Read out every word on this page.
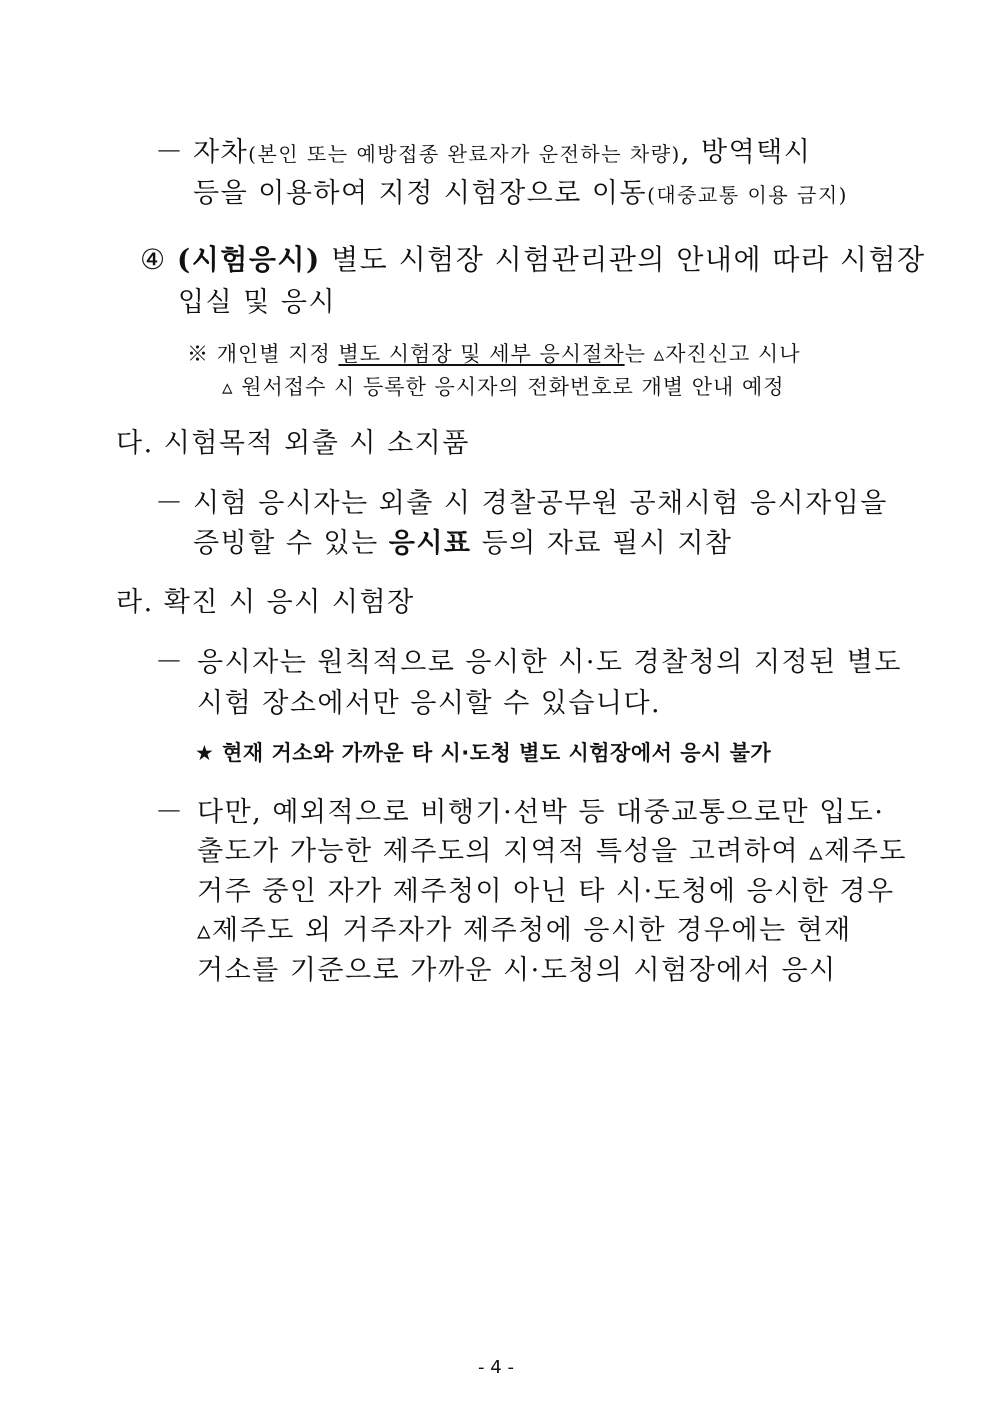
－ 자차(본인 또는 예방접종 완료자가 운전하는 차량), 방역택시
등을 이용하여 지정 시험장으로 이동(대중교통 이용 금지)
④ (시험응시) 별도 시험장 시험관리관의 안내에 따라 시험장
입실 및 응시
※ 개인별 지정 별도 시험장 및 세부 응시절차는 ▵자진신고 시나
▵ 원서접수 시 등록한 응시자의 전화번호로 개별 안내 예정
다. 시험목적 외출 시 소지품
－ 시험 응시자는 외출 시 경찰공무원 공채시험 응시자임을
증빙할 수 있는 응시표 등의 자료 필시 지참
라. 확진 시 응시 시험장
－ 응시자는 원칙적으로 응시한 시·도 경찰청의 지정된 별도
시험 장소에서만 응시할 수 있습니다.
★ 현재 거소와 가까운 타 시·도청 별도 시험장에서 응시 불가
－ 다만, 예외적으로 비행기·선박 등 대중교통으로만 입도·
출도가 가능한 제주도의 지역적 특성을 고려하여 ▵제주도
거주 중인 자가 제주청이 아닌 타 시·도청에 응시한 경우
▵제주도 외 거주자가 제주청에 응시한 경우에는 현재
거소를 기준으로 가까운 시·도청의 시험장에서 응시
- 4 -
